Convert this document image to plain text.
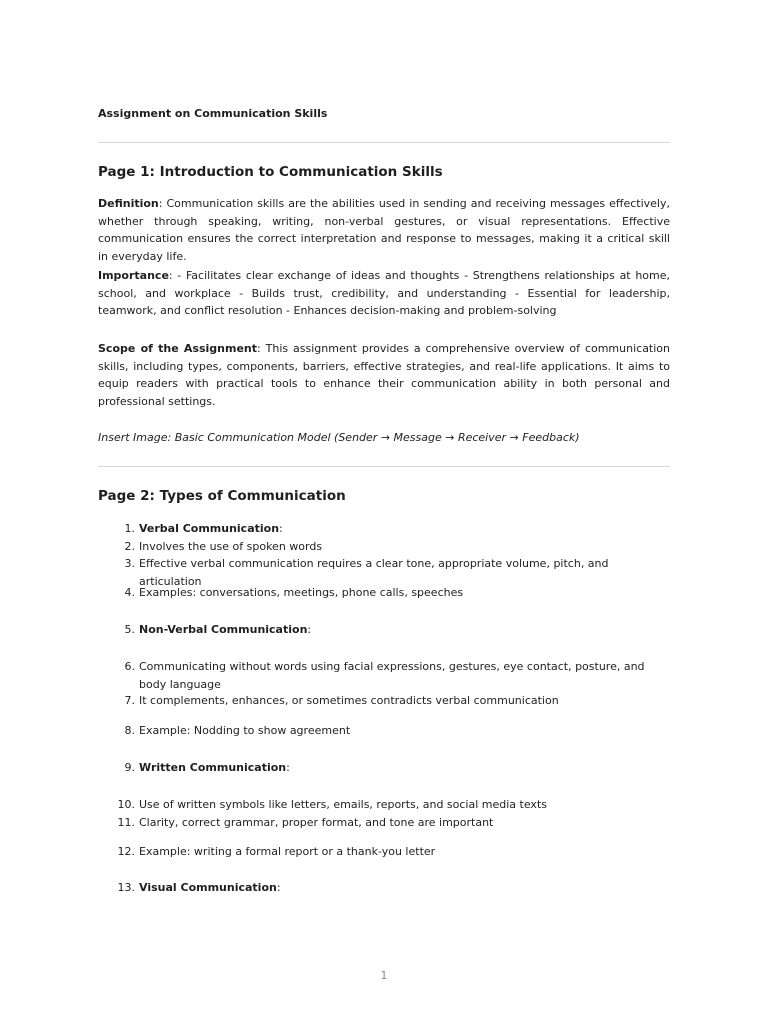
Assignment on Communication Skills
Page 1: Introduction to Communication Skills
Definition: Communication skills are the abilities used in sending and receiving messages effectively, whether through speaking, writing, non-verbal gestures, or visual representations. Effective communication ensures the correct interpretation and response to messages, making it a critical skill in everyday life.
Importance: - Facilitates clear exchange of ideas and thoughts - Strengthens relationships at home, school, and workplace - Builds trust, credibility, and understanding - Essential for leadership, teamwork, and conflict resolution - Enhances decision-making and problem-solving
Scope of the Assignment: This assignment provides a comprehensive overview of communication skills, including types, components, barriers, effective strategies, and real-life applications. It aims to equip readers with practical tools to enhance their communication ability in both personal and professional settings.
Insert Image: Basic Communication Model (Sender → Message → Receiver → Feedback)
Page 2: Types of Communication
1. Verbal Communication:
2. Involves the use of spoken words
3. Effective verbal communication requires a clear tone, appropriate volume, pitch, and articulation
4. Examples: conversations, meetings, phone calls, speeches
5. Non-Verbal Communication:
6. Communicating without words using facial expressions, gestures, eye contact, posture, and body language
7. It complements, enhances, or sometimes contradicts verbal communication
8. Example: Nodding to show agreement
9. Written Communication:
10. Use of written symbols like letters, emails, reports, and social media texts
11. Clarity, correct grammar, proper format, and tone are important
12. Example: writing a formal report or a thank-you letter
13. Visual Communication:
1
